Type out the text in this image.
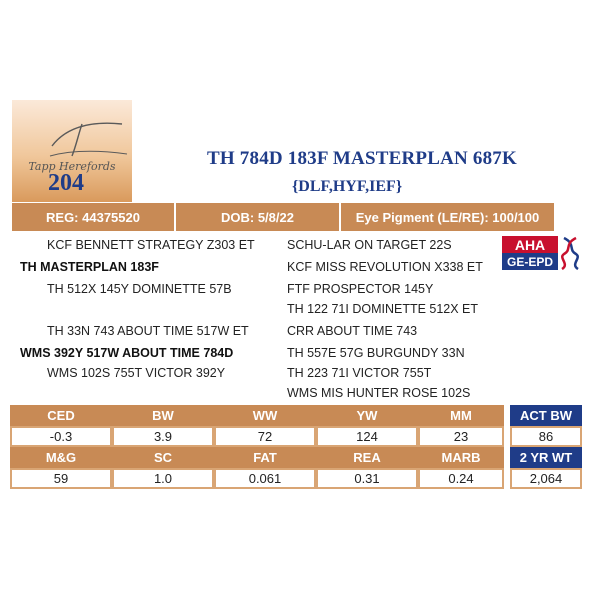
Tapp Herefords
204
TH 784D 183F MASTERPLAN 687K
{DLF,HYF,IEF}
REG: 44375520	DOB: 5/8/22	Eye Pigment (LE/RE): 100/100
KCF BENNETT STRATEGY Z303 ET	SCHU-LAR ON TARGET 22S
TH MASTERPLAN 183F	KCF MISS REVOLUTION X338 ET
TH 512X 145Y DOMINETTE 57B	FTF PROSPECTOR 145Y
TH 122 71I DOMINETTE 512X ET
TH 33N 743 ABOUT TIME 517W ET	CRR ABOUT TIME 743
WMS 392Y 517W ABOUT TIME 784D	TH 557E 57G BURGUNDY 33N
WMS 102S 755T VICTOR 392Y	TH 223 71I VICTOR 755T
WMS MIS HUNTER ROSE 102S
AHA
GE-EPD
CED	BW	WW	YW	MM
-0.3	3.9	72	124	23
M&G	SC	FAT	REA	MARB
59	1.0	0.061	0.31	0.24
ACT BW
86
2 YR WT
2,064
